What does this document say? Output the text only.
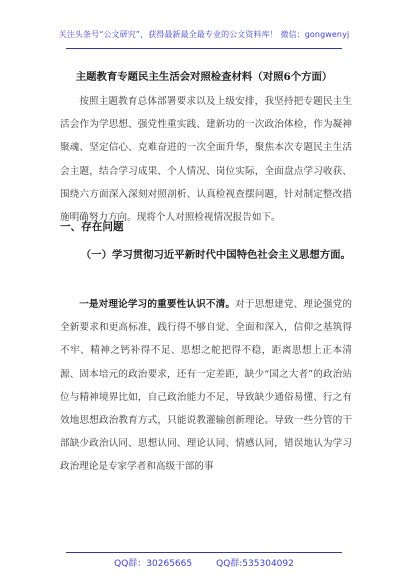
关注头条号“公文研究”，获得最新最全最专业的公文资料库！ 微信：gongwenyj
主题教育专题民主生活会对照检查材料（对照6个方面）

按照主题教育总体部署要求以及上级安排，我坚持把专题民主生活会作为学思想、强党性重实践、建新功的一次政治体检，作为凝神聚魂、坚定信心、克难奋进的一次全面升华，聚焦本次专题民主生活会主题，结合学习成果、个人情况、岗位实际，全面盘点学习收获、围绕六方面深入深刻对照剖析、认真检视查摆问题，针对制定整改措施明确努力方向。现将个人对照检视情况报告如下。

一、存在问题
（一）学习贯彻习近平新时代中国特色社会主义思想方面。

一是对理论学习的重要性认识不清。对于思想建党、理论强党的全新要求和更高标准，践行得不够自觉、全面和深入，信仰之基筑得不牢、精神之钙补得不足、思想之舵把得不稳，距离思想上正本清源、固本培元的政治要求，还有一定差距，缺少“国之大者”的政治站位与精神境界比如，自己政治能力不足，导致缺少通俗易懂、行之有效地思想政治教育方式，只能说教灌输创新理论。导致一些分管的干部缺少政治认同、思想认同、理论认同、情感认同，错误地认为学习政治理论是专家学者和高级干部的事

QQ群：30265665	QQ群:535304092
